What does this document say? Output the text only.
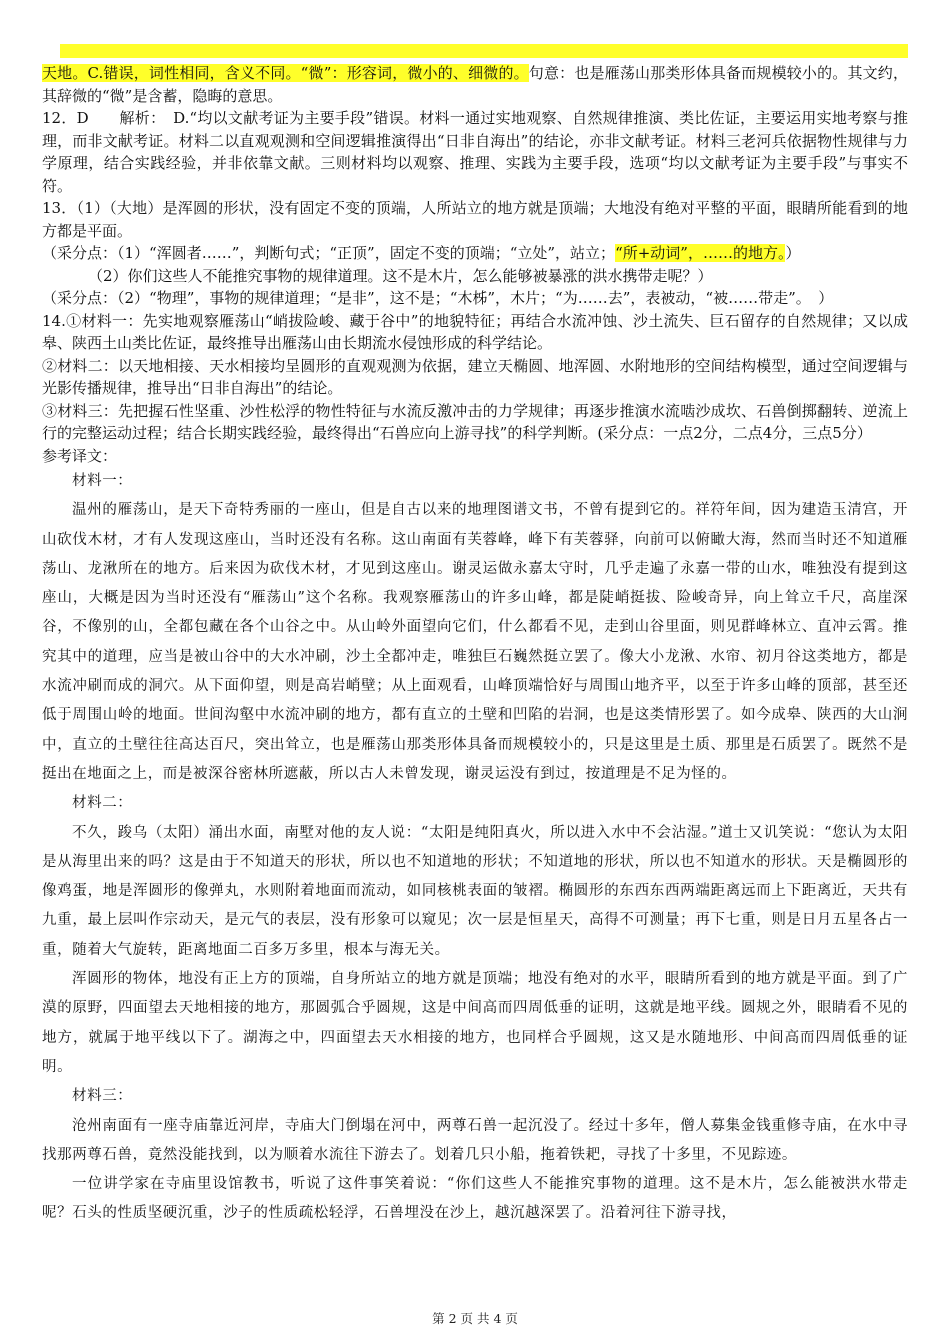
天地。C.错误，词性相同，含义不同。“微”：形容词，微小的、细微的。句意：也是雁荡山那类形体具备而规模较小的。其文约，其辞微的“微”是含蓄，隐晦的意思。

12．D　　解析：　D.“均以文献考证为主要手段”错误。材料一通过实地观察、自然规律推演、类比佐证，主要运用实地考察与推理，而非文献考证。材料二以直观观测和空间逻辑推演得出“日非自海出”的结论，亦非文献考证。材料三老河兵依据物性规律与力学原理，结合实践经验，并非依靠文献。三则材料均以观察、推理、实践为主要手段，选项“均以文献考证为主要手段”与事实不符。

13．（1）（大地）是浑圆的形状，没有固定不变的顶端，人所站立的地方就是顶端；大地没有绝对平整的平面，眼睛所能看到的地方都是平面。

（采分点：（1）“浑圆者……”，判断句式；“正顶”，固定不变的顶端；“立处”，站立；“所+动词”，……的地方。）

（2）你们这些人不能推究事物的规律道理。这不是木片，怎么能够被暴涨的洪水携带走呢？）

（采分点：（2）“物理”，事物的规律道理；“是非”，这不是；“木柹”，木片；“为……去”，表被动，“被……带走”。　）

14.①材料一：先实地观察雁荡山“峭拔险峻、藏于谷中”的地貌特征；再结合水流冲蚀、沙土流失、巨石留存的自然规律；又以成皋、陕西土山类比佐证，最终推导出雁荡山由长期流水侵蚀形成的科学结论。

②材料二：以天地相接、天水相接均呈圆形的直观观测为依据，建立天椭圆、地浑圆、水附地形的空间结构模型，通过空间逻辑与光影传播规律，推导出“日非自海出”的结论。

③材料三：先把握石性坚重、沙性松浮的物性特征与水流反激冲击的力学规律；再逐步推演水流啮沙成坎、石兽倒掷翻转、逆流上行的完整运动过程；结合长期实践经验，最终得出“石兽应向上游寻找”的科学判断。(采分点：一点2分，二点4分，三点5分）

参考译文：

材料一：

温州的雁荡山，是天下奇特秀丽的一座山，但是自古以来的地理图谱文书，不曾有提到它的。祥符年间，因为建造玉清宫，开山砍伐木材，才有人发现这座山，当时还没有名称。这山南面有芙蓉峰，峰下有芙蓉驿，向前可以俯瞰大海，然而当时还不知道雁荡山、龙湫所在的地方。后来因为砍伐木材，才见到这座山。谢灵运做永嘉太守时，几乎走遍了永嘉一带的山水，唯独没有提到这座山，大概是因为当时还没有“雁荡山”这个名称。我观察雁荡山的许多山峰，都是陡峭挺拔、险峻奇异，向上耸立千尺，高崖深谷，不像别的山，全都包藏在各个山谷之中。从山岭外面望向它们，什么都看不见，走到山谷里面，则见群峰林立、直冲云霄。推究其中的道理，应当是被山谷中的大水冲刷，沙土全都冲走，唯独巨石巍然挺立罢了。像大小龙湫、水帘、初月谷这类地方，都是水流冲刷而成的洞穴。从下面仰望，则是高岩峭壁；从上面观看，山峰顶端恰好与周围山地齐平，以至于许多山峰的顶部，甚至还低于周围山岭的地面。世间沟壑中水流冲刷的地方，都有直立的土壁和凹陷的岩洞，也是这类情形罢了。如今成皋、陕西的大山涧中，直立的土壁往往高达百尺，突出耸立，也是雁荡山那类形体具备而规模较小的，只是这里是土质、那里是石质罢了。既然不是挺出在地面之上，而是被深谷密林所遮蔽，所以古人未曾发现，谢灵运没有到过，按道理是不足为怪的。

材料二：

不久，踆乌（太阳）涌出水面，南墅对他的友人说：“太阳是纯阳真火，所以进入水中不会沾湿。”道士又讥笑说：“您认为太阳是从海里出来的吗？这是由于不知道天的形状，所以也不知道地的形状；不知道地的形状，所以也不知道水的形状。天是椭圆形的像鸡蛋，地是浑圆形的像弹丸，水则附着地面而流动，如同核桃表面的皱褶。椭圆形的东西东西两端距离远而上下距离近，天共有九重，最上层叫作宗动天，是元气的表层，没有形象可以窥见；次一层是恒星天，高得不可测量；再下七重，则是日月五星各占一重，随着大气旋转，距离地面二百多万多里，根本与海无关。

浑圆形的物体，地没有正上方的顶端，自身所站立的地方就是顶端；地没有绝对的水平，眼睛所看到的地方就是平面。到了广漠的原野，四面望去天地相接的地方，那圆弧合乎圆规，这是中间高而四周低垂的证明，这就是地平线。圆规之外，眼睛看不见的地方，就属于地平线以下了。湖海之中，四面望去天水相接的地方，也同样合乎圆规，这又是水随地形、中间高而四周低垂的证明。

材料三：

沧州南面有一座寺庙靠近河岸，寺庙大门倒塌在河中，两尊石兽一起沉没了。经过十多年，僧人募集金钱重修寺庙，在水中寻找那两尊石兽，竟然没能找到，以为顺着水流往下游去了。划着几只小船，拖着铁耙，寻找了十多里，不见踪迹。

一位讲学家在寺庙里设馆教书，听说了这件事笑着说：“你们这些人不能推究事物的道理。这不是木片，怎么能被洪水带走呢？石头的性质坚硬沉重，沙子的性质疏松轻浮，石兽埋没在沙上，越沉越深罢了。沿着河往下游寻找，

第 2 页 共 4 页
